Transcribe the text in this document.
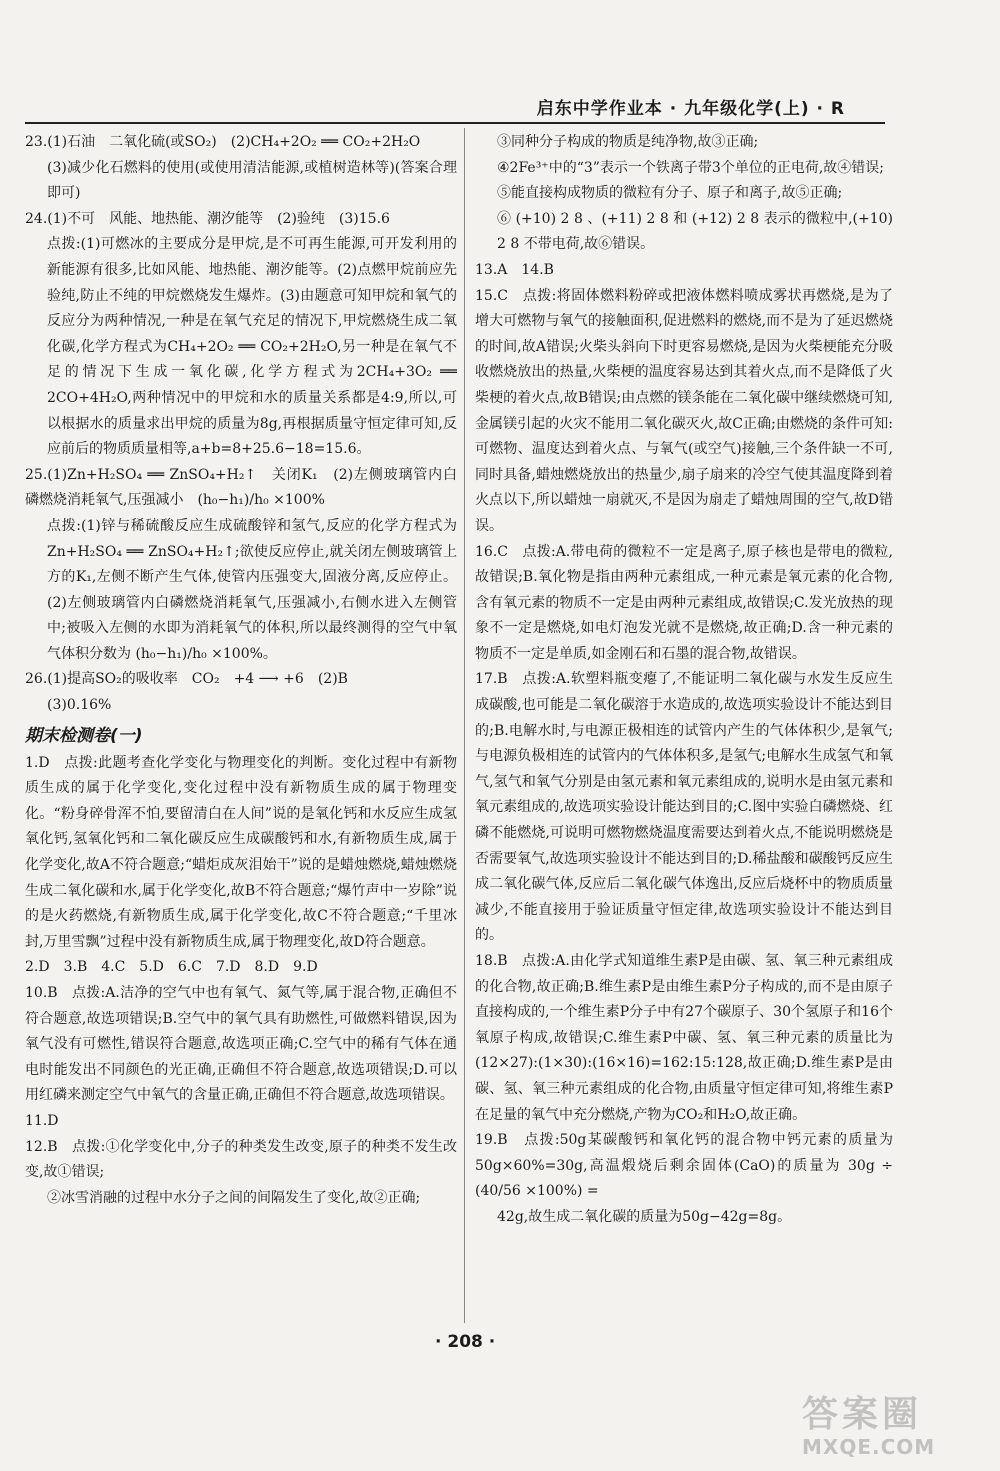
启东中学作业本 · 九年级化学(上) · R

23.(1)石油　二氧化硫(或SO₂)　(2)CH₄+2O₂ ══ CO₂+2H₂O

(3)减少化石燃料的使用(或使用清洁能源,或植树造林等)(答案合理即可)

24.(1)不可　风能、地热能、潮汐能等　(2)验纯　(3)15.6

点拨:(1)可燃冰的主要成分是甲烷,是不可再生能源,可开发利用的新能源有很多,比如风能、地热能、潮汐能等。(2)点燃甲烷前应先验纯,防止不纯的甲烷燃烧发生爆炸。(3)由题意可知甲烷和氧气的反应分为两种情况,一种是在氧气充足的情况下,甲烷燃烧生成二氧化碳,化学方程式为CH₄+2O₂ ══ CO₂+2H₂O,另一种是在氧气不足的情况下生成一氧化碳,化学方程式为2CH₄+3O₂ ══ 2CO+4H₂O,两种情况中的甲烷和水的质量关系都是4:9,所以,可以根据水的质量求出甲烷的质量为8g,再根据质量守恒定律可知,反应前后的物质质量相等,a+b=8+25.6−18=15.6。

25.(1)Zn+H₂SO₄ ══ ZnSO₄+H₂↑　关闭K₁　(2)左侧玻璃管内白磷燃烧消耗氧气,压强减小　(h₀−h₁)/h₀ ×100%

点拨:(1)锌与稀硫酸反应生成硫酸锌和氢气,反应的化学方程式为Zn+H₂SO₄ ══ ZnSO₄+H₂↑;欲使反应停止,就关闭左侧玻璃管上方的K₁,左侧不断产生气体,使管内压强变大,固液分离,反应停止。(2)左侧玻璃管内白磷燃烧消耗氧气,压强减小,右侧水进入左侧管中;被吸入左侧的水即为消耗氧气的体积,所以最终测得的空气中氧气体积分数为 (h₀−h₁)/h₀ ×100%。

26.(1)提高SO₂的吸收率　CO₂　+4 ⟶ +6　(2)B

(3)0.16%

期末检测卷(一)

1.D　点拨:此题考查化学变化与物理变化的判断。变化过程中有新物质生成的属于化学变化,变化过程中没有新物质生成的属于物理变化。“粉身碎骨浑不怕,要留清白在人间”说的是氧化钙和水反应生成氢氧化钙,氢氧化钙和二氧化碳反应生成碳酸钙和水,有新物质生成,属于化学变化,故A不符合题意;“蜡炬成灰泪始干”说的是蜡烛燃烧,蜡烛燃烧生成二氧化碳和水,属于化学变化,故B不符合题意;“爆竹声中一岁除”说的是火药燃烧,有新物质生成,属于化学变化,故C不符合题意;“千里冰封,万里雪飘”过程中没有新物质生成,属于物理变化,故D符合题意。

2.D　3.B　4.C　5.D　6.C　7.D　8.D　9.D

10.B　点拨:A.洁净的空气中也有氧气、氮气等,属于混合物,正确但不符合题意,故选项错误;B.空气中的氧气具有助燃性,可做燃料错误,因为氧气没有可燃性,错误符合题意,故选项正确;C.空气中的稀有气体在通电时能发出不同颜色的光正确,正确但不符合题意,故选项错误;D.可以用红磷来测定空气中氧气的含量正确,正确但不符合题意,故选项错误。

11.D

12.B　点拨:①化学变化中,分子的种类发生改变,原子的种类不发生改变,故①错误;

②冰雪消融的过程中水分子之间的间隔发生了变化,故②正确;

③同种分子构成的物质是纯净物,故③正确;

④2Fe³⁺中的“3”表示一个铁离子带3个单位的正电荷,故④错误;

⑤能直接构成物质的微粒有分子、原子和离子,故⑤正确;

⑥ (+10) 2 8 、(+11) 2 8 和 (+12) 2 8 表示的微粒中,(+10) 2 8 不带电荷,故⑥错误。

13.A　14.B

15.C　点拨:将固体燃料粉碎或把液体燃料喷成雾状再燃烧,是为了增大可燃物与氧气的接触面积,促进燃料的燃烧,而不是为了延迟燃烧的时间,故A错误;火柴头斜向下时更容易燃烧,是因为火柴梗能充分吸收燃烧放出的热量,火柴梗的温度容易达到其着火点,而不是降低了火柴梗的着火点,故B错误;由点燃的镁条能在二氧化碳中继续燃烧可知,金属镁引起的火灾不能用二氧化碳灭火,故C正确;由燃烧的条件可知:可燃物、温度达到着火点、与氧气(或空气)接触,三个条件缺一不可,同时具备,蜡烛燃烧放出的热量少,扇子扇来的冷空气使其温度降到着火点以下,所以蜡烛一扇就灭,不是因为扇走了蜡烛周围的空气,故D错误。

16.C　点拨:A.带电荷的微粒不一定是离子,原子核也是带电的微粒,故错误;B.氧化物是指由两种元素组成,一种元素是氧元素的化合物,含有氧元素的物质不一定是由两种元素组成,故错误;C.发光放热的现象不一定是燃烧,如电灯泡发光就不是燃烧,故正确;D.含一种元素的物质不一定是单质,如金刚石和石墨的混合物,故错误。

17.B　点拨:A.软塑料瓶变瘪了,不能证明二氧化碳与水发生反应生成碳酸,也可能是二氧化碳溶于水造成的,故选项实验设计不能达到目的;B.电解水时,与电源正极相连的试管内产生的气体体积少,是氧气;与电源负极相连的试管内的气体体积多,是氢气;电解水生成氢气和氧气,氢气和氧气分别是由氢元素和氧元素组成的,说明水是由氢元素和氧元素组成的,故选项实验设计能达到目的;C.图中实验白磷燃烧、红磷不能燃烧,可说明可燃物燃烧温度需要达到着火点,不能说明燃烧是否需要氧气,故选项实验设计不能达到目的;D.稀盐酸和碳酸钙反应生成二氧化碳气体,反应后二氧化碳气体逸出,反应后烧杯中的物质质量减少,不能直接用于验证质量守恒定律,故选项实验设计不能达到目的。

18.B　点拨:A.由化学式知道维生素P是由碳、氢、氧三种元素组成的化合物,故正确;B.维生素P是由维生素P分子构成的,而不是由原子直接构成的,一个维生素P分子中有27个碳原子、30个氢原子和16个氧原子构成,故错误;C.维生素P中碳、氢、氧三种元素的质量比为(12×27):(1×30):(16×16)=162:15:128,故正确;D.维生素P是由碳、氢、氧三种元素组成的化合物,由质量守恒定律可知,将维生素P在足量的氧气中充分燃烧,产物为CO₂和H₂O,故正确。

19.B　点拨:50g某碳酸钙和氧化钙的混合物中钙元素的质量为50g×60%=30g,高温煅烧后剩余固体(CaO)的质量为 30g ÷ (40/56 ×100%) =

42g,故生成二氧化碳的质量为50g−42g=8g。

· 208 ·
答案圈
MXQE.COM
